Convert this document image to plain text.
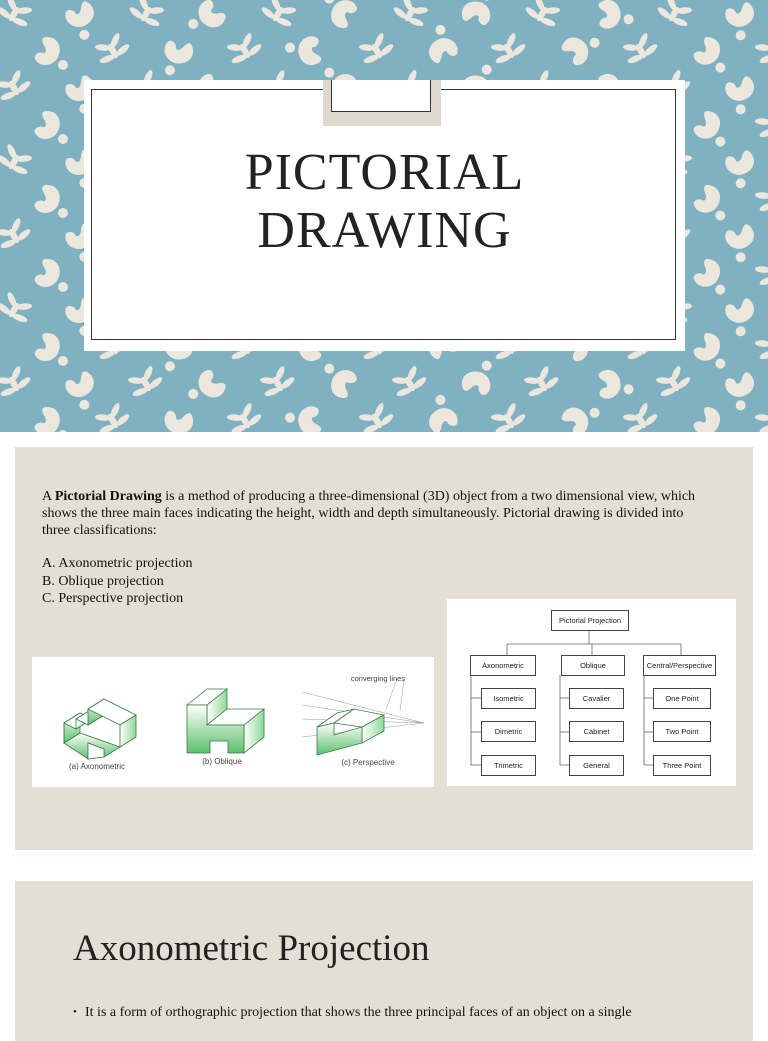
PICTORIAL
DRAWING
A Pictorial Drawing is a method of producing a three-dimensional (3D) object from a two dimensional view, which shows the three main faces indicating the height, width and depth simultaneously. Pictorial drawing is divided into three classifications:
A. Axonometric projection
B. Oblique projection
C. Perspective projection
(a) Axonometric
(b) Oblique	(c) Perspective
converging lines
Pictorial Projection
Axonometric	Oblique	Central/Perspective
Isometric
Dimetric
Trimetric
Cavalier
Cabinet
General
One Point
Two Point
Three Point
Axonometric Projection
• It is a form of orthographic projection that shows the three principal faces of an object on a single
